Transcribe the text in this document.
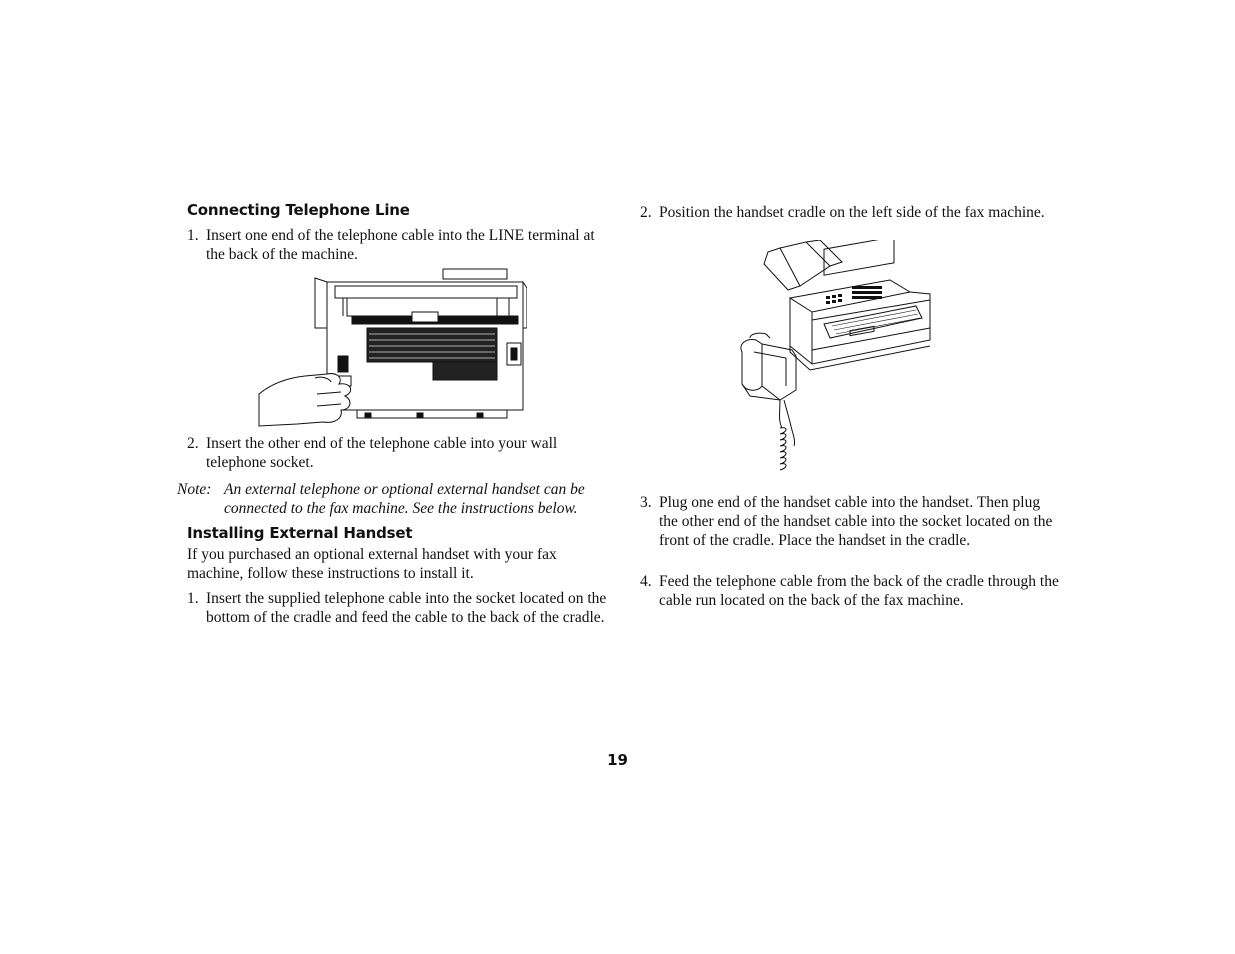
Connecting Telephone Line
1. Insert one end of the telephone cable into the LINE terminal at the back of the machine.
2. Insert the other end of the telephone cable into your wall telephone socket.
Note: An external telephone or optional external handset can be connected to the fax machine. See the instructions below.
Installing External Handset
If you purchased an optional external handset with your fax machine, follow these instructions to install it.
1. Insert the supplied telephone cable into the socket located on the bottom of the cradle and feed the cable to the back of the cradle.
2. Position the handset cradle on the left side of the fax machine.
3. Plug one end of the handset cable into the handset. Then plug the other end of the handset cable into the socket located on the front of the cradle. Place the handset in the cradle.
4. Feed the telephone cable from the back of the cradle through the cable run located on the back of the fax machine.
19
